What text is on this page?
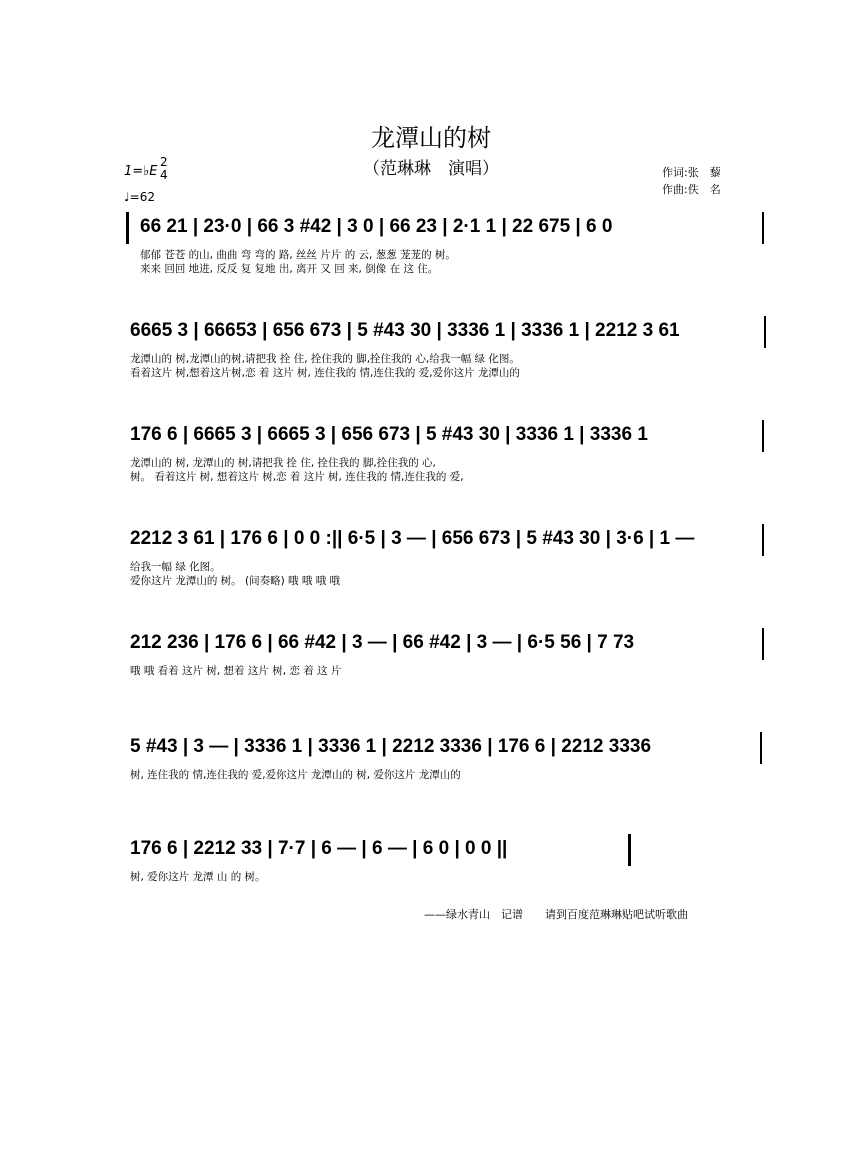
龙潭山的树
（范琳琳　演唱）
1=♭E
2
4
♩=62
作词:张　藜
作曲:佚　名
66 21 | 23·0 | 66 3 #42 | 3 0 | 66 23 | 2·1 1 | 22 675 | 6 0
郁郁 苍苍 的山, 曲曲 弯 弯的 路, 丝丝 片片 的 云, 葱葱 茏茏的 树。
来来 回回 地进, 反反 复 复地 出, 离开 又 回 来, 倒像 在 这 住。
6665 3 | 66653 | 656 673 | 5 #43 30 | 3336 1 | 3336 1 | 2212 3 61
龙潭山的 树,龙潭山的树,请把我 拴 住, 拴住我的 脚,拴住我的 心,给我一幅 绿 化图。
看着这片 树,想着这片树,恋 着 这片 树, 连住我的 情,连住我的 爱,爱你这片 龙潭山的
176 6 | 6665 3 | 6665 3 | 656 673 | 5 #43 30 | 3336 1 | 3336 1
龙潭山的 树, 龙潭山的 树,请把我 拴 住, 拴住我的 脚,拴住我的 心,
树。 看着这片 树, 想着这片 树,恋 着 这片 树, 连住我的 情,连住我的 爱,
2212 3 61 | 176 6 | 0 0 :|| 6·5 | 3 — | 656 673 | 5 #43 30 | 3·6 | 1 —
给我一幅 绿 化图。
爱你这片 龙潭山的 树。 (间奏略) 哦 哦 哦 哦
212 236 | 176 6 | 66 #42 | 3 — | 66 #42 | 3 — | 6·5 56 | 7 73
哦 哦 看着 这片 树, 想着 这片 树, 恋 着 这 片
5 #43 | 3 — | 3336 1 | 3336 1 | 2212 3336 | 176 6 | 2212 3336
树, 连住我的 情,连住我的 爱,爱你这片 龙潭山的 树, 爱你这片 龙潭山的
176 6 | 2212 33 | 7·7 | 6 — | 6 — | 6 0 | 0 0 ||
树, 爱你这片 龙潭 山 的 树。
——绿水青山　记谱　　请到百度范琳琳贴吧试听歌曲
